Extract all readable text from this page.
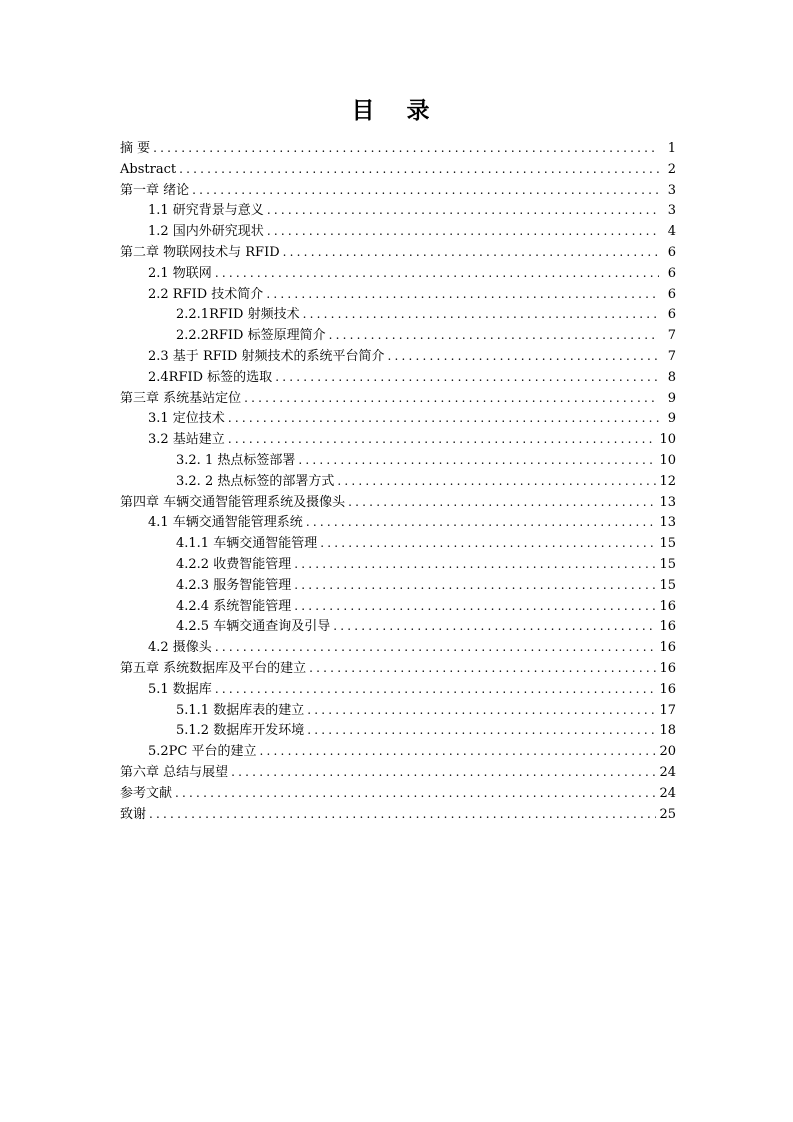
目 录
摘 要 .....	1
Abstract .....	2
第一章 绪论 .....	3
1.1 研究背景与意义 .....	3
1.2 国内外研究现状 .....	4
第二章 物联网技术与 RFID .....	6
2.1 物联网 .....	6
2.2 RFID 技术简介 .....	6
2.2.1RFID 射频技术 .....	6
2.2.2RFID 标签原理简介 .....	7
2.3 基于 RFID 射频技术的系统平台简介 .....	7
2.4RFID 标签的选取 .....	8
第三章 系统基站定位 .....	9
3.1 定位技术 .....	9
3.2 基站建立 .....	10
3.2. 1 热点标签部署 .....	10
3.2. 2 热点标签的部署方式 .....	12
第四章 车辆交通智能管理系统及摄像头 .....	13
4.1 车辆交通智能管理系统 .....	13
4.1.1 车辆交通智能管理 .....	15
4.2.2 收费智能管理 .....	15
4.2.3 服务智能管理 .....	15
4.2.4 系统智能管理 .....	16
4.2.5 车辆交通查询及引导 .....	16
4.2 摄像头 .....	16
第五章 系统数据库及平台的建立 .....	16
5.1 数据库 .....	16
5.1.1 数据库表的建立 .....	17
5.1.2 数据库开发环境 .....	18
5.2PC 平台的建立 .....	20
第六章 总结与展望 .....	24
参考文献 .....	24
致谢 .....	25
